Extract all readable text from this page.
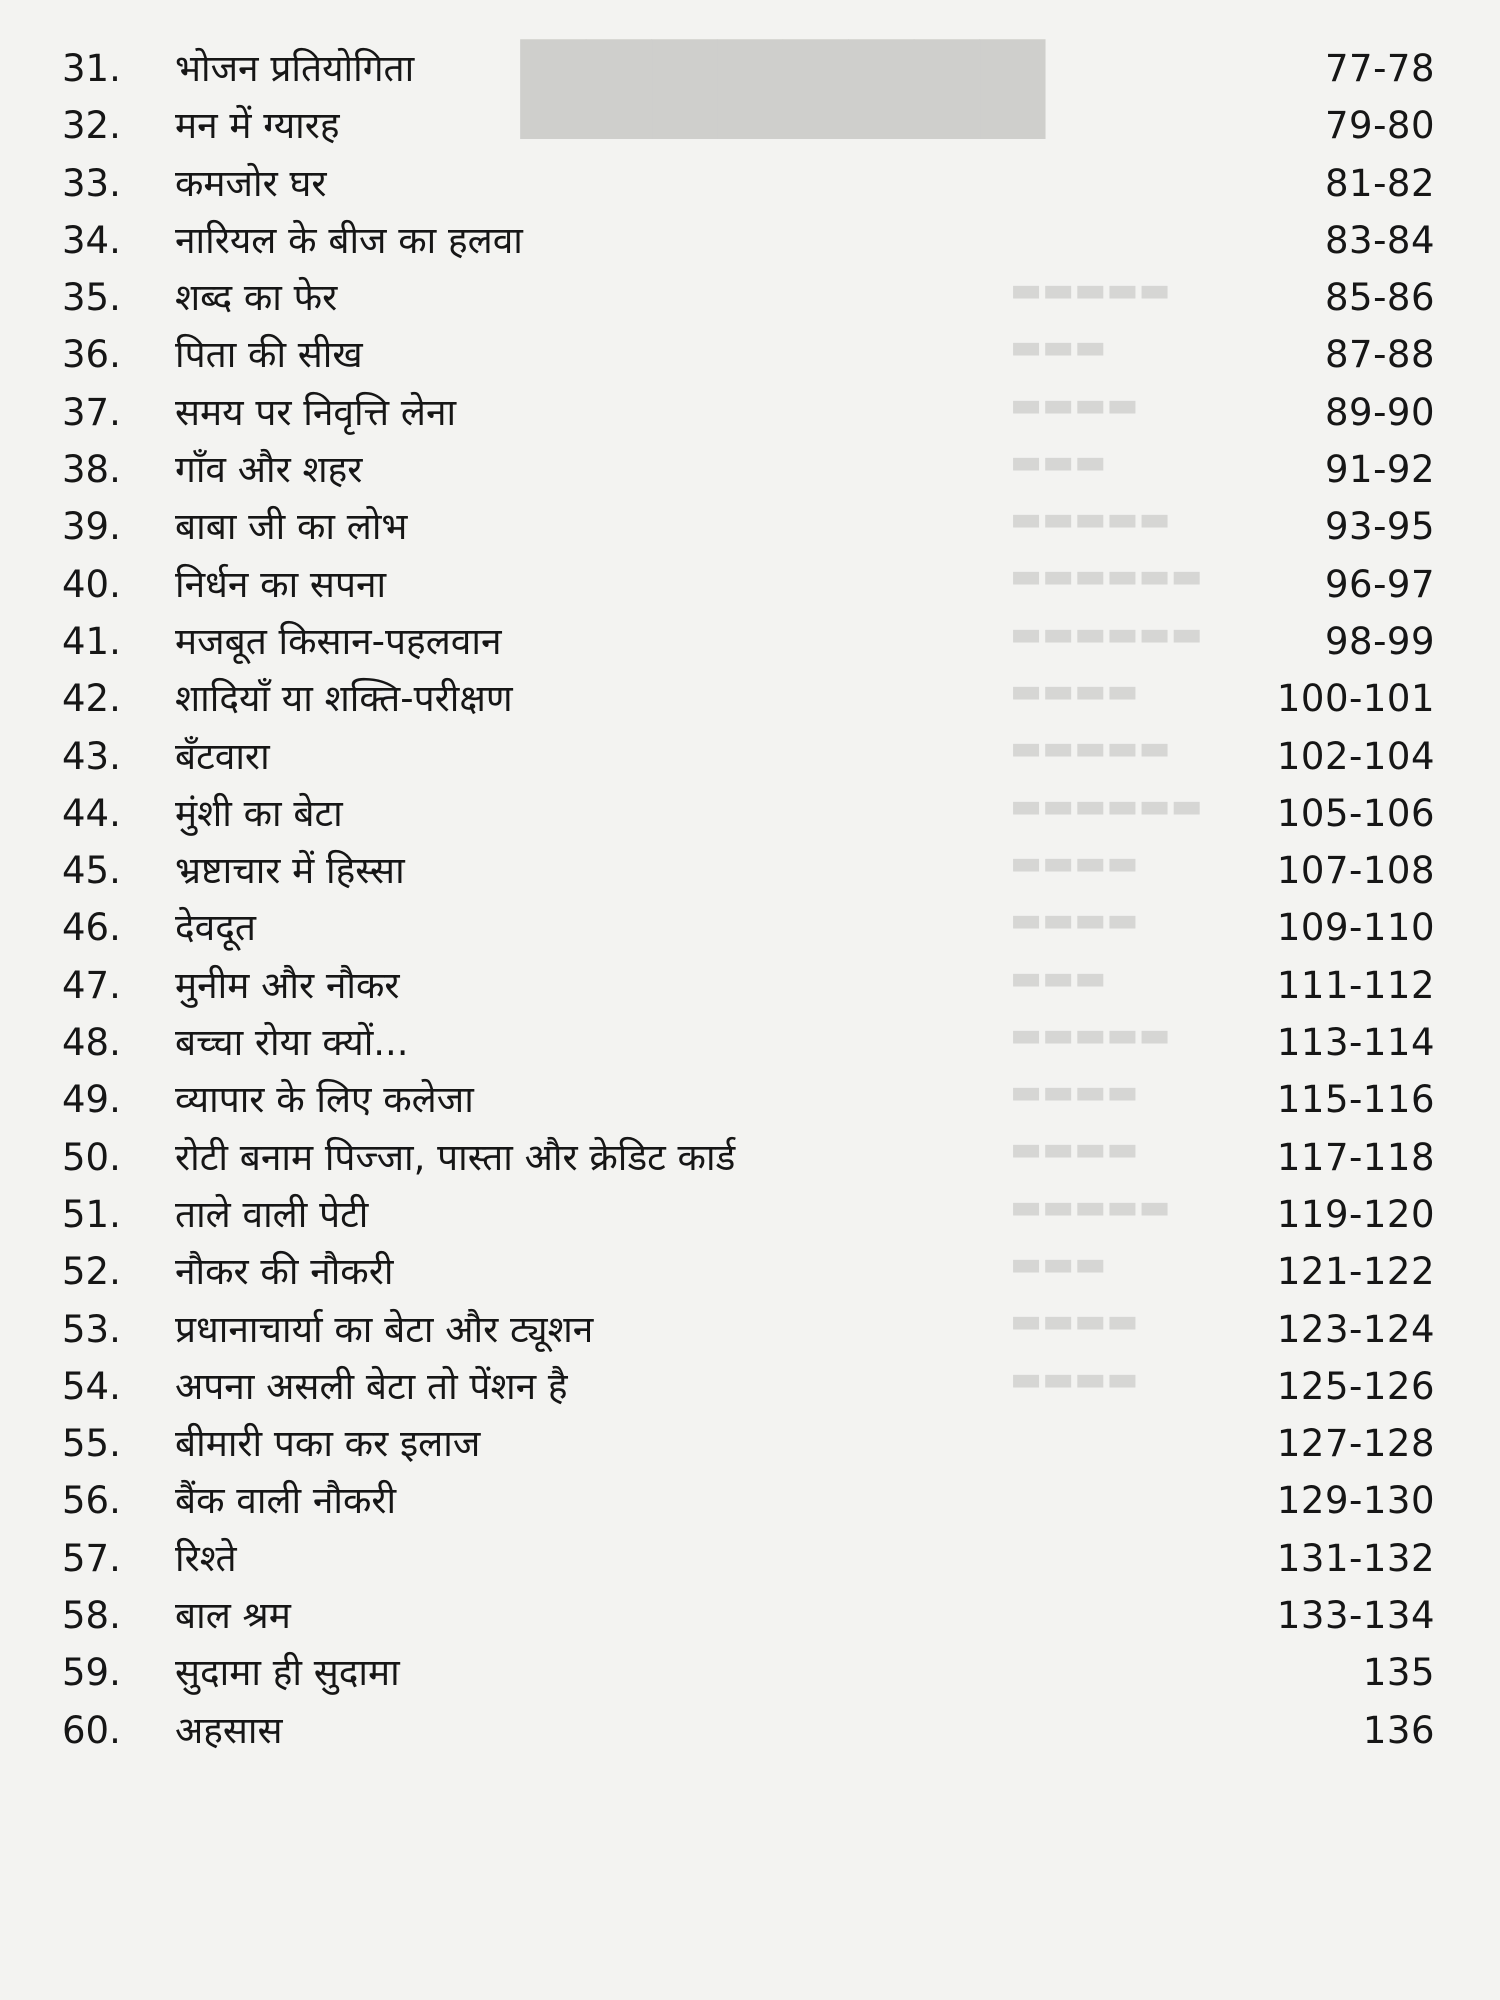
████████
▬▬▬▬▬
▬▬▬
▬▬▬▬
▬▬▬
▬▬▬▬▬
▬▬▬▬▬▬
▬▬▬▬▬▬
▬▬▬▬
▬▬▬▬▬
▬▬▬▬▬▬
▬▬▬▬
▬▬▬▬
▬▬▬
▬▬▬▬▬
▬▬▬▬
▬▬▬▬
▬▬▬▬▬
▬▬▬
▬▬▬▬
▬▬▬▬
31.	भोजन प्रतियोगिता	77-78
32.	मन में ग्यारह	79-80
33.	कमजोर घर	81-82
34.	नारियल के बीज का हलवा	83-84
35.	शब्द का फेर	85-86
36.	पिता की सीख	87-88
37.	समय पर निवृत्ति लेना	89-90
38.	गाँव और शहर	91-92
39.	बाबा जी का लोभ	93-95
40.	निर्धन का सपना	96-97
41.	मजबूत किसान-पहलवान	98-99
42.	शादियाँ या शक्ति-परीक्षण	100-101
43.	बँटवारा	102-104
44.	मुंशी का बेटा	105-106
45.	भ्रष्टाचार में हिस्सा	107-108
46.	देवदूत	109-110
47.	मुनीम और नौकर	111-112
48.	बच्चा रोया क्यों...	113-114
49.	व्यापार के लिए कलेजा	115-116
50.	रोटी बनाम पिज्जा, पास्ता और क्रेडिट कार्ड	117-118
51.	ताले वाली पेटी	119-120
52.	नौकर की नौकरी	121-122
53.	प्रधानाचार्या का बेटा और ट्यूशन	123-124
54.	अपना असली बेटा तो पेंशन है	125-126
55.	बीमारी पका कर इलाज	127-128
56.	बैंक वाली नौकरी	129-130
57.	रिश्ते	131-132
58.	बाल श्रम	133-134
59.	सुदामा ही सुदामा	135
60.	अहसास	136
